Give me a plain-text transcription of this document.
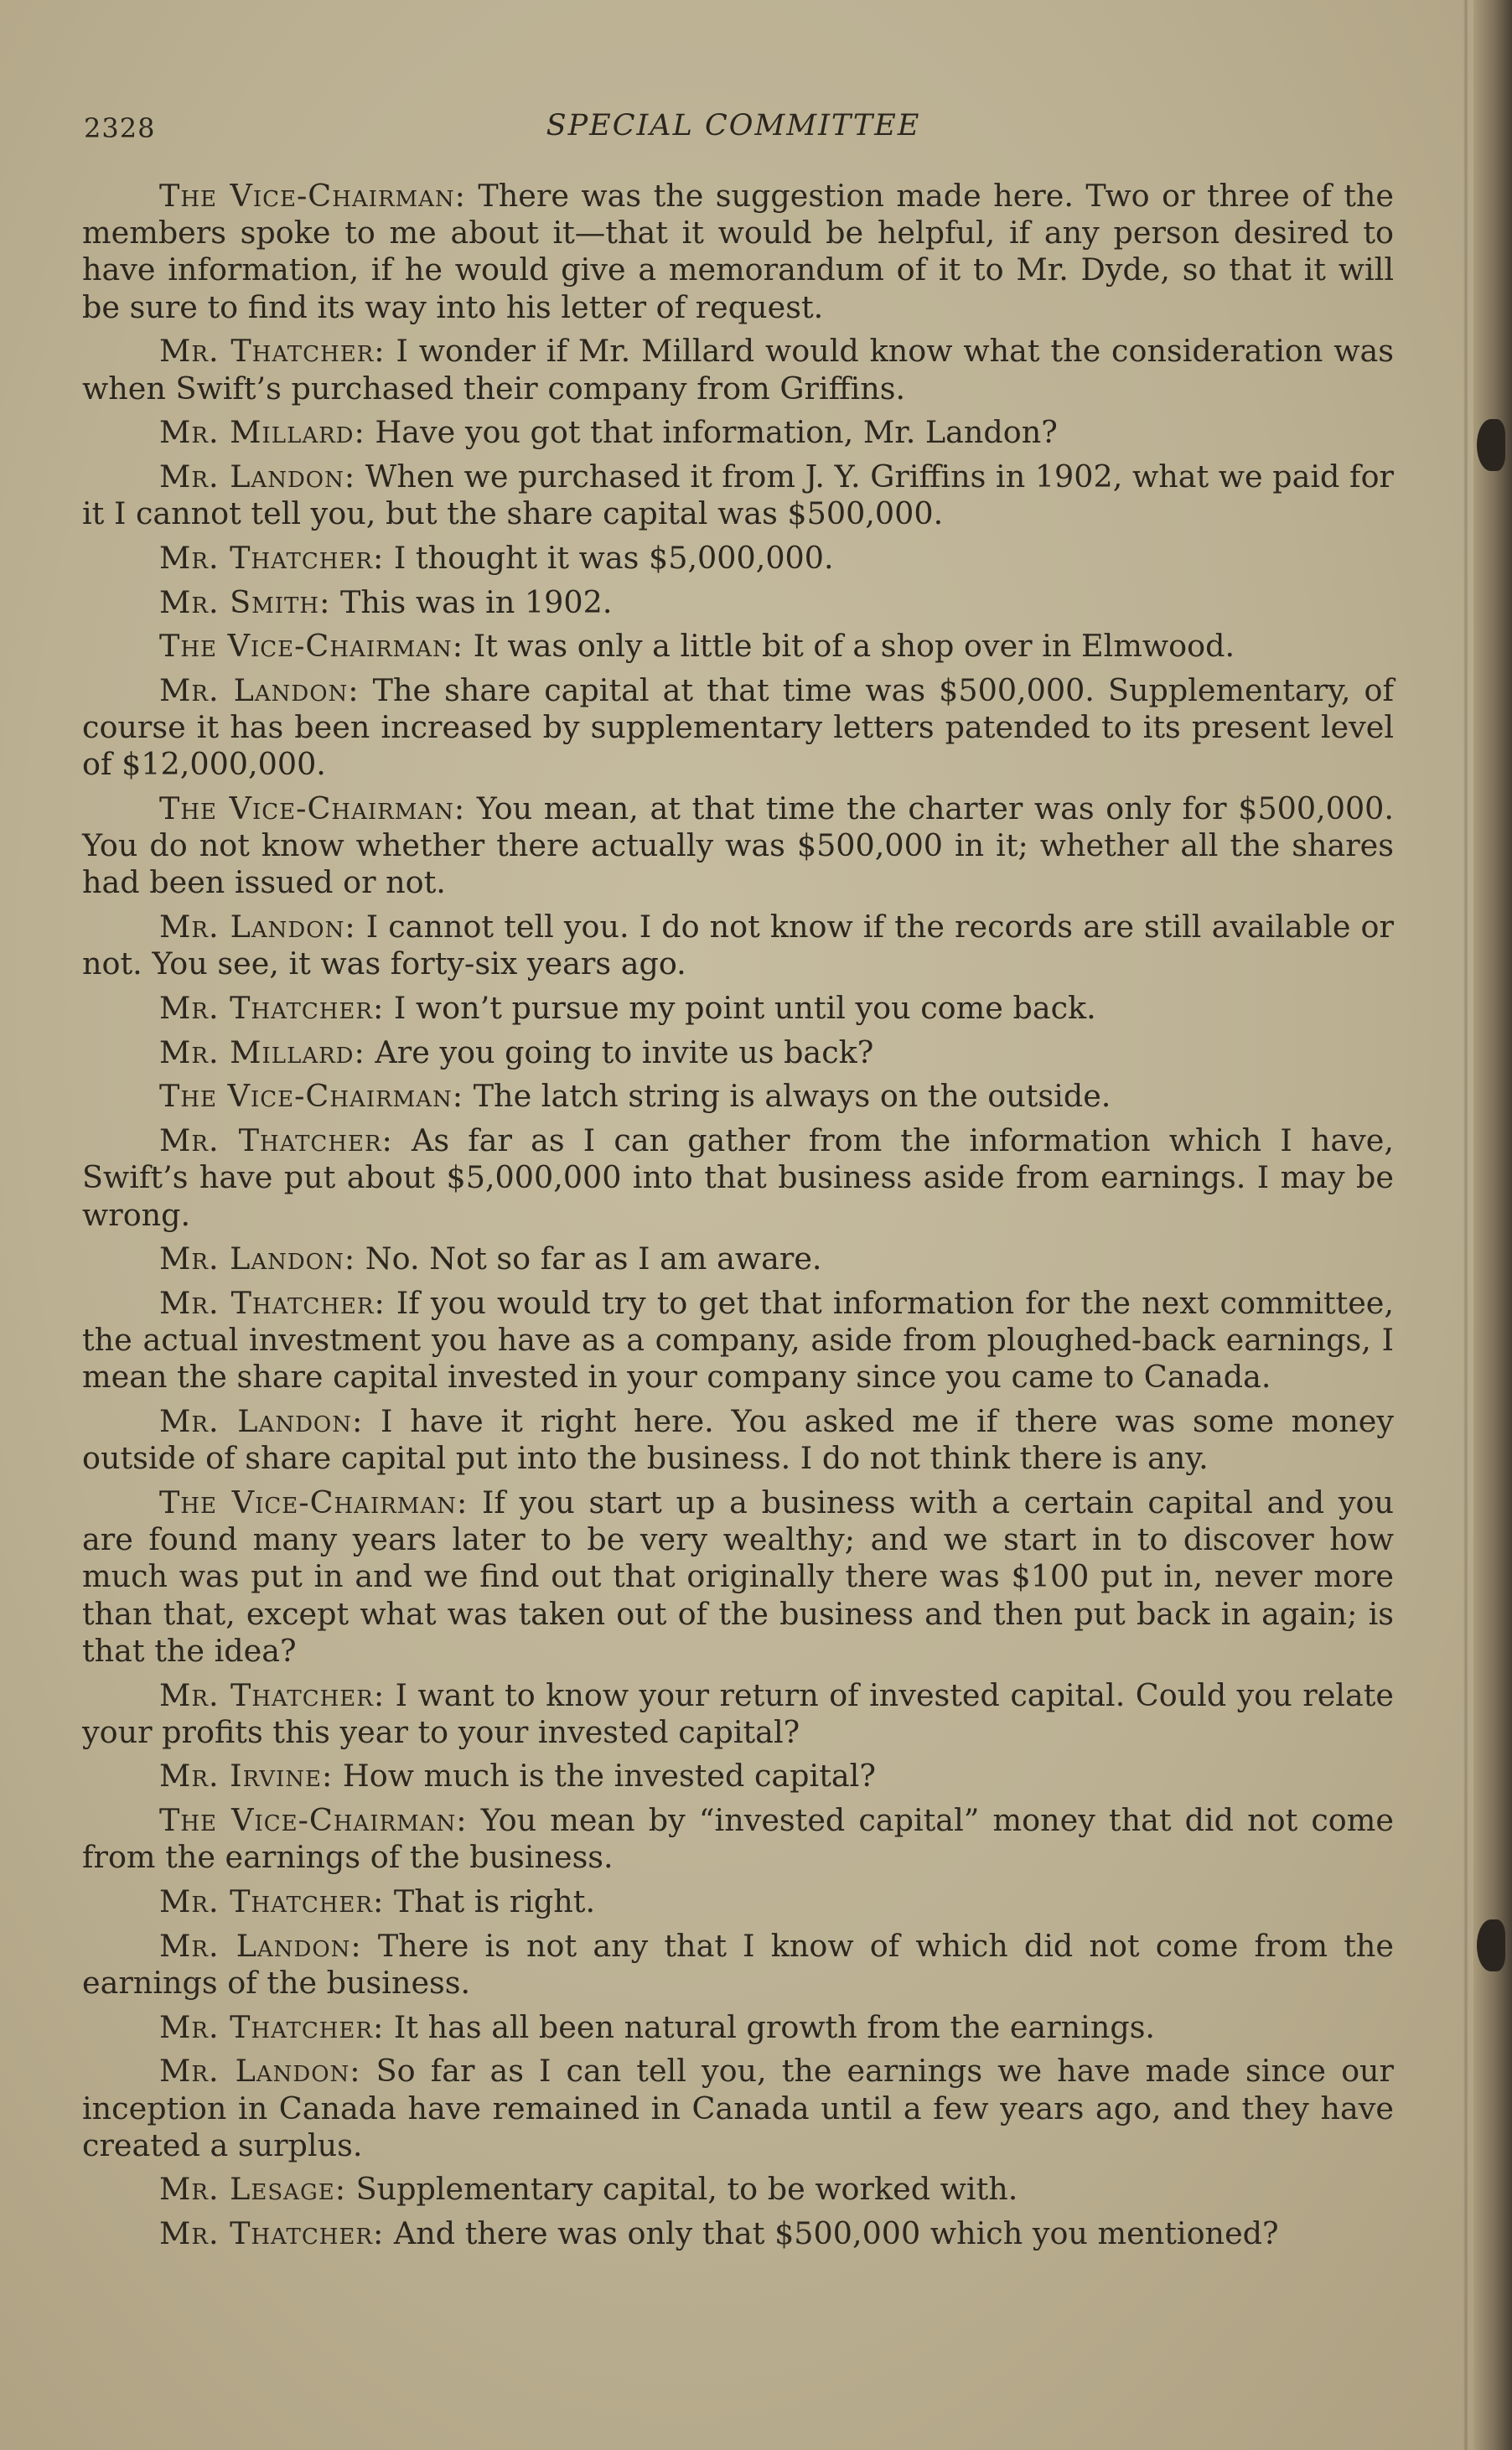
2328	SPECIAL COMMITTEE

The Vice-Chairman: There was the suggestion made here. Two or three of the members spoke to me about it—that it would be helpful, if any person desired to have information, if he would give a memorandum of it to Mr. Dyde, so that it will be sure to find its way into his letter of request.

Mr. Thatcher: I wonder if Mr. Millard would know what the consideration was when Swift’s purchased their company from Griffins.

Mr. Millard: Have you got that information, Mr. Landon?

Mr. Landon: When we purchased it from J. Y. Griffins in 1902, what we paid for it I cannot tell you, but the share capital was $500,000.

Mr. Thatcher: I thought it was $5,000,000.

Mr. Smith: This was in 1902.

The Vice-Chairman: It was only a little bit of a shop over in Elmwood.

Mr. Landon: The share capital at that time was $500,000. Supplementary, of course it has been increased by supplementary letters patended to its present level of $12,000,000.

The Vice-Chairman: You mean, at that time the charter was only for $500,000. You do not know whether there actually was $500,000 in it; whether all the shares had been issued or not.

Mr. Landon: I cannot tell you. I do not know if the records are still available or not. You see, it was forty-six years ago.

Mr. Thatcher: I won’t pursue my point until you come back.

Mr. Millard: Are you going to invite us back?

The Vice-Chairman: The latch string is always on the outside.

Mr. Thatcher: As far as I can gather from the information which I have, Swift’s have put about $5,000,000 into that business aside from earnings. I may be wrong.

Mr. Landon: No. Not so far as I am aware.

Mr. Thatcher: If you would try to get that information for the next committee, the actual investment you have as a company, aside from ploughed-back earnings, I mean the share capital invested in your company since you came to Canada.

Mr. Landon: I have it right here. You asked me if there was some money outside of share capital put into the business. I do not think there is any.

The Vice-Chairman: If you start up a business with a certain capital and you are found many years later to be very wealthy; and we start in to discover how much was put in and we find out that originally there was $100 put in, never more than that, except what was taken out of the business and then put back in again; is that the idea?

Mr. Thatcher: I want to know your return of invested capital. Could you relate your profits this year to your invested capital?

Mr. Irvine: How much is the invested capital?

The Vice-Chairman: You mean by “invested capital” money that did not come from the earnings of the business.

Mr. Thatcher: That is right.

Mr. Landon: There is not any that I know of which did not come from the earnings of the business.

Mr. Thatcher: It has all been natural growth from the earnings.

Mr. Landon: So far as I can tell you, the earnings we have made since our inception in Canada have remained in Canada until a few years ago, and they have created a surplus.

Mr. Lesage: Supplementary capital, to be worked with.

Mr. Thatcher: And there was only that $500,000 which you mentioned?
